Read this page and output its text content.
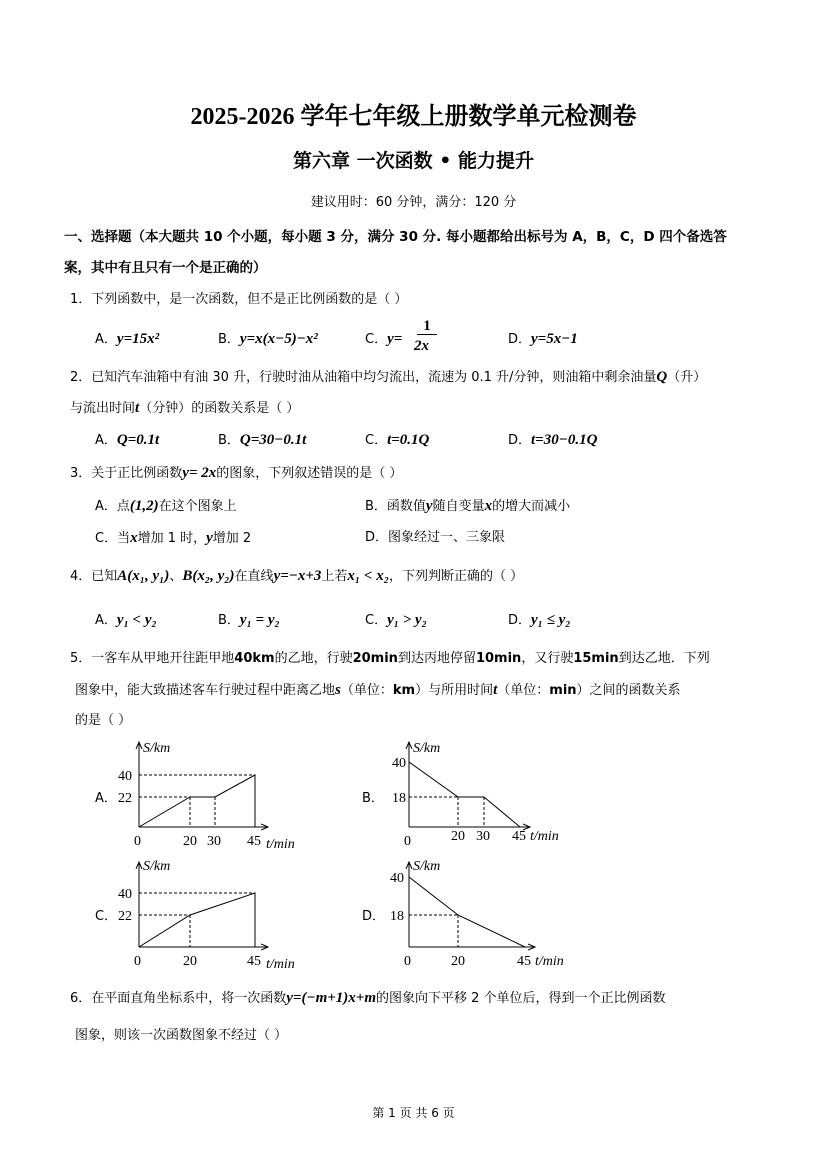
2025-2026 学年七年级上册数学单元检测卷
第六章 一次函数 • 能力提升
建议用时：60 分钟，满分：120 分
一、选择题（本大题共 10 个小题，每小题 3 分，满分 30 分. 每小题都给出标号为 A，B，C，D 四个备选答
案，其中有且只有一个是正确的）
1．下列函数中，是一次函数，但不是正比例函数的是（ ）
A．y=15x²	B．y=x(x−5)−x²	C．y=
1
2x	D．y=5x−1
2．已知汽车油箱中有油 30 升，行驶时油从油箱中均匀流出，流速为 0.1 升/分钟，则油箱中剩余油量Q（升）
与流出时间t（分钟）的函数关系是（ ）
A．Q=0.1t	B．Q=30−0.1t	C．t=0.1Q	D．t=30−0.1Q
3．关于正比例函数y= 2x的图象，下列叙述错误的是（ ）
A．点(1,2)在这个图象上	B．函数值y随自变量x的增大而减小
C．当x增加 1 时，y增加 2	D．图象经过一、三象限
4．已知A(x₁, y₁)、B(x₂, y₂)在直线y=−x+3上若x₁ < x₂，下列判断正确的（ ）
A．y₁ < y₂	B．y₁ = y₂	C．y₁ > y₂	D．y₁ ≤ y₂
5．一客车从甲地开往距甲地40km的乙地，行驶20min到达丙地停留10min，又行驶15min到达乙地．下列
图象中，能大致描述客车行驶过程中距离乙地s（单位：km）与所用时间t（单位：min）之间的函数关系
的是（ ）
A．
S/km
40
22
0	20 30 45 t/min
B．
S/km
40
18
0	20 30 45 t/min
C．
S/km
40
22
0	20	45 t/min
D．
S/km
40
18
0	20	45 t/min
6．在平面直角坐标系中，将一次函数y=(−m+1)x+m的图象向下平移 2 个单位后，得到一个正比例函数
图象，则该一次函数图象不经过（ ）
第 1 页 共 6 页
